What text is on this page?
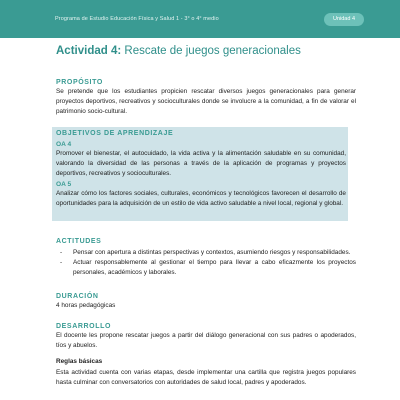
Programa de Estudio Educación Física y Salud 1 - 3° o 4° medio	Unidad 4
Actividad 4: Rescate de juegos generacionales
PROPÓSITO
Se pretende que los estudiantes propicien rescatar diversos juegos generacionales para generar proyectos deportivos, recreativos y socioculturales donde se involucre a la comunidad, a fin de valorar el patrimonio socio-cultural.
OBJETIVOS DE APRENDIZAJE
OA 4
Promover el bienestar, el autocuidado, la vida activa y la alimentación saludable en su comunidad, valorando la diversidad de las personas a través de la aplicación de programas y proyectos deportivos, recreativos y socioculturales.
OA 5
Analizar cómo los factores sociales, culturales, económicos y tecnológicos favorecen el desarrollo de oportunidades para la adquisición de un estilo de vida activo saludable a nivel local, regional y global.
ACTITUDES
- Pensar con apertura a distintas perspectivas y contextos, asumiendo riesgos y responsabilidades.
- Actuar responsablemente al gestionar el tiempo para llevar a cabo eficazmente los proyectos personales, académicos y laborales.
DURACIÓN
4 horas pedagógicas
DESARROLLO
El docente les propone rescatar juegos a partir del diálogo generacional con sus padres o apoderados, tíos y abuelos.
Reglas básicas
Esta actividad cuenta con varias etapas, desde implementar una cartilla que registra juegos populares hasta culminar con conversatorios con autoridades de salud local, padres y apoderados.
